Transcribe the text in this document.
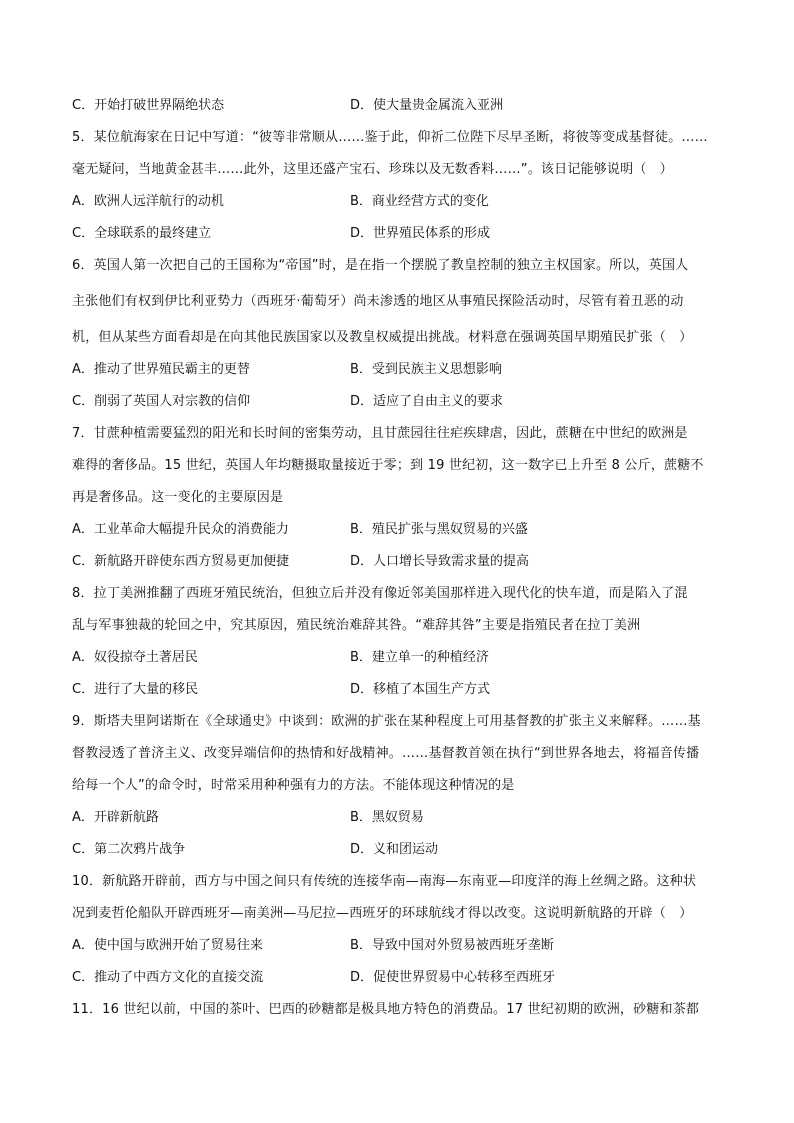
C．开始打破世界隔绝状态	D．使大量贵金属流入亚洲
5．某位航海家在日记中写道：“彼等非常顺从……鉴于此，仰祈二位陛下尽早圣断，将彼等变成基督徒。……
毫无疑问，当地黄金甚丰……此外，这里还盛产宝石、珍珠以及无数香料……”。该日记能够说明（　）
A．欧洲人远洋航行的动机	B．商业经营方式的变化
C．全球联系的最终建立	D．世界殖民体系的形成
6．英国人第一次把自己的王国称为“帝国”时，是在指一个摆脱了教皇控制的独立主权国家。所以，英国人
主张他们有权到伊比利亚势力（西班牙·葡萄牙）尚未渗透的地区从事殖民探险活动时，尽管有着丑恶的动
机，但从某些方面看却是在向其他民族国家以及教皇权威提出挑战。材料意在强调英国早期殖民扩张（　）
A．推动了世界殖民霸主的更替	B．受到民族主义思想影响
C．削弱了英国人对宗教的信仰	D．适应了自由主义的要求
7．甘蔗种植需要猛烈的阳光和长时间的密集劳动，且甘蔗园往往疟疾肆虐，因此，蔗糖在中世纪的欧洲是
难得的奢侈品。15 世纪，英国人年均糖摄取量接近于零；到 19 世纪初，这一数字已上升至 8 公斤，蔗糖不
再是奢侈品。这一变化的主要原因是
A．工业革命大幅提升民众的消费能力	B．殖民扩张与黑奴贸易的兴盛
C．新航路开辟使东西方贸易更加便捷	D．人口增长导致需求量的提高
8．拉丁美洲推翻了西班牙殖民统治，但独立后并没有像近邻美国那样进入现代化的快车道，而是陷入了混
乱与军事独裁的轮回之中，究其原因，殖民统治难辞其咎。“难辞其咎”主要是指殖民者在拉丁美洲
A．奴役掠夺土著居民	B．建立单一的种植经济
C．进行了大量的移民	D．移植了本国生产方式
9．斯塔夫里阿诺斯在《全球通史》中谈到：欧洲的扩张在某种程度上可用基督教的扩张主义来解释。……基
督教浸透了普济主义、改变异端信仰的热情和好战精神。……基督教首领在执行“到世界各地去，将福音传播
给每一个人”的命令时，时常采用种种强有力的方法。不能体现这种情况的是
A．开辟新航路	B．黑奴贸易
C．第二次鸦片战争	D．义和团运动
10．新航路开辟前，西方与中国之间只有传统的连接华南—南海—东南亚—印度洋的海上丝绸之路。这种状
况到麦哲伦船队开辟西班牙—南美洲—马尼拉—西班牙的环球航线才得以改变。这说明新航路的开辟（　）
A．使中国与欧洲开始了贸易往来	B．导致中国对外贸易被西班牙垄断
C．推动了中西方文化的直接交流	D．促使世界贸易中心转移至西班牙
11．16 世纪以前，中国的茶叶、巴西的砂糖都是极具地方特色的消费品。17 世纪初期的欧洲，砂糖和茶都
